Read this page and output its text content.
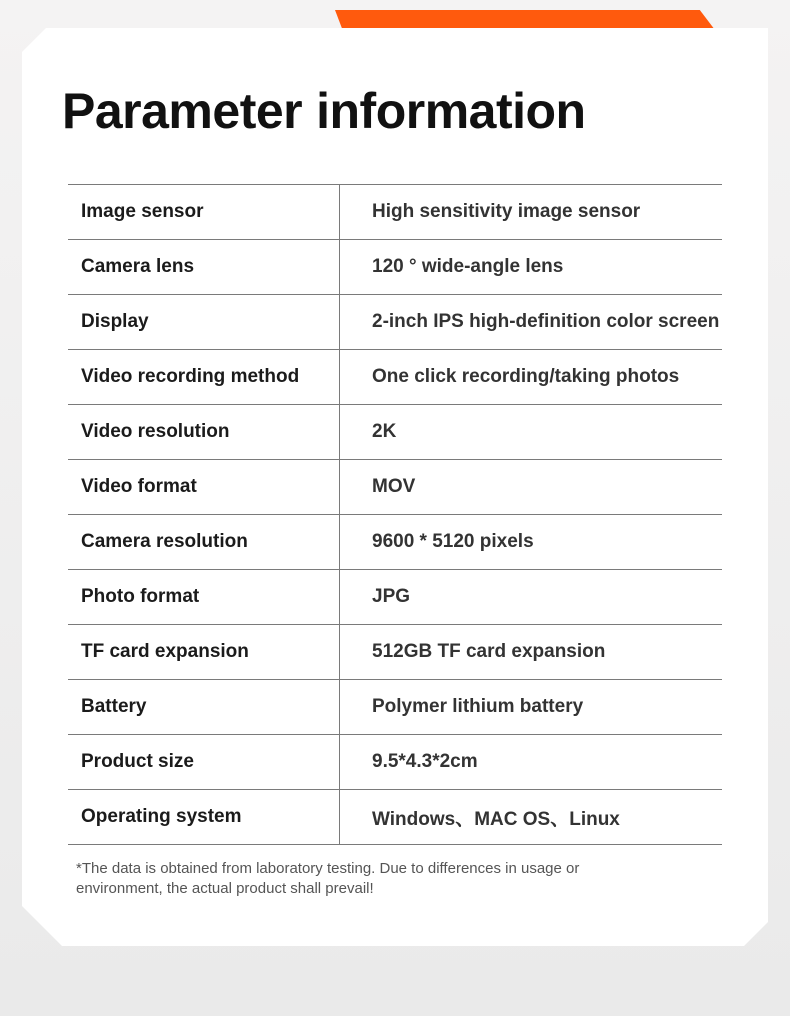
Parameter information
Image sensor	High sensitivity image sensor
Camera lens	120 ° wide-angle lens
Display	2-inch IPS high-definition color screen
Video recording method	One click recording/taking photos
Video resolution	2K
Video format	MOV
Camera resolution	9600 * 5120 pixels
Photo format	JPG
TF card expansion	512GB TF card expansion
Battery	Polymer lithium battery
Product size	9.5*4.3*2cm
Operating system	Windows、MAC OS、Linux
*The data is obtained from laboratory testing. Due to differences in usage or
environment, the actual product shall prevail!
